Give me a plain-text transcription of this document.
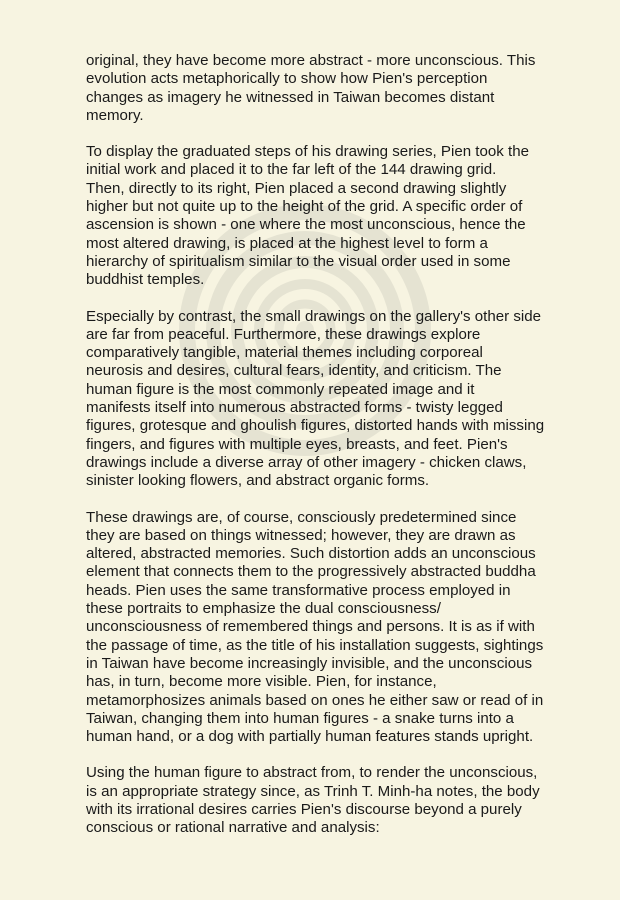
original, they have become more abstract - more unconscious. This
evolution acts metaphorically to show how Pien's perception
changes as imagery he witnessed in Taiwan becomes distant
memory.

To display the graduated steps of his drawing series, Pien took the
initial work and placed it to the far left of the 144 drawing grid.
Then, directly to its right, Pien placed a second drawing slightly
higher but not quite up to the height of the grid. A specific order of
ascension is shown - one where the most unconscious, hence the
most altered drawing, is placed at the highest level to form a
hierarchy of spiritualism similar to the visual order used in some
buddhist temples.

Especially by contrast, the small drawings on the gallery's other side
are far from peaceful. Furthermore, these drawings explore
comparatively tangible, material themes including corporeal
neurosis and desires, cultural fears, identity, and criticism. The
human figure is the most commonly repeated image and it
manifests itself into numerous abstracted forms - twisty legged
figures, grotesque and ghoulish figures, distorted hands with missing
fingers, and figures with multiple eyes, breasts, and feet. Pien's
drawings include a diverse array of other imagery - chicken claws,
sinister looking flowers, and abstract organic forms.

These drawings are, of course, consciously predetermined since
they are based on things witnessed; however, they are drawn as
altered, abstracted memories. Such distortion adds an unconscious
element that connects them to the progressively abstracted buddha
heads. Pien uses the same transformative process employed in
these portraits to emphasize the dual consciousness/
unconsciousness of remembered things and persons. It is as if with
the passage of time, as the title of his installation suggests, sightings
in Taiwan have become increasingly invisible, and the unconscious
has, in turn, become more visible. Pien, for instance,
metamorphosizes animals based on ones he either saw or read of in
Taiwan, changing them into human figures - a snake turns into a
human hand, or a dog with partially human features stands upright.

Using the human figure to abstract from, to render the unconscious,
is an appropriate strategy since, as Trinh T. Minh-ha notes, the body
with its irrational desires carries Pien's discourse beyond a purely
conscious or rational narrative and analysis:
